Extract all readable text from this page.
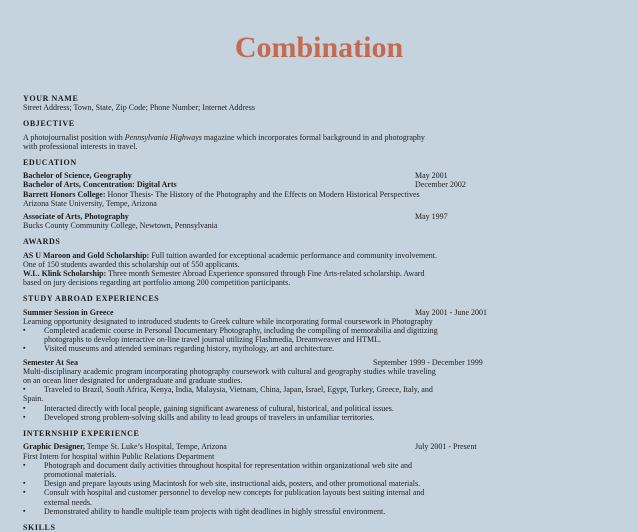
Combination

YOUR NAME

Street Address; Town, State, Zip Code; Phone Number; Internet Address

OBJECTIVE

A photojournalist position with Pennsylvania Highways magazine which incorporates formal background in and photography

with professional interests in travel.

EDUCATION

Bachelor of Science, Geography	May 2001
Bachelor of Arts, Concentration: Digital Arts	December 2002
Barrett Honors College: Honor Thesis- The History of the Photography and the Effects on Modern Historical Perspectives

Arizona State University, Tempe, Arizona

Associate of Arts, Photography	May 1997

Bucks County Community College, Newtown, Pennsylvania

AWARDS

AS U Maroon and Gold Scholarship: Full tuition awarded for exceptional academic performance and community involvement.

One of 150 students awarded this scholarship out of 550 applicants.

W.L. Klink Scholarship: Three month Semester Abroad Experience sponsored through Fine Arts-related scholarship. Award

based on jury decisions regarding art portfolio among 200 competition participants.

STUDY ABROAD EXPERIENCES

Summer Session in Greece	May 2001 - June 2001

Learning opportunity designated to introduced students to Greek culture while incorporating formal coursework in Photography

▪ Completed academic course in Personal Documentary Photography, including the compiling of memorabilia and digitizing
photographs to develop interactive on-line travel journal utilizing Flashmedia, Dreamweaver and HTML.
▪ Visited museums and attended seminars regarding history, mythology, art and architecture.
Semester At Sea	September 1999 - December 1999

Multi-disciplinary academic program incorporating photography coursework with cultural and geography studies while traveling

on an ocean liner designated for undergraduate and graduate studies.

▪ Traveled to Brazil, South Africa, Kenya, India, Malaysia, Vietnam, China, Japan, Israel, Egypt, Turkey, Greece, Italy, and

Spain.

▪ Interacted directly with local people, gaining significant awareness of cultural, historical, and political issues.
▪ Developed strong problem-solving skills and ability to lead groups of travelers in unfamiliar territories.

INTERNSHIP EXPERIENCE

Graphic Designer, Tempe St. Luke’s Hospital, Tempe, Arizona	July 2001 - Present

First Intern for hospital within Public Relations Department

▪ Photograph and document daily activities throughout hospital for representation within organizational web site and
promotional materials.
▪ Design and prepare layouts using Macintosh for web site, instructional aids, posters, and other promotional materials.
▪ Consult with hospital and customer personnel to develop new concepts for publication layouts best suiting internal and
external needs.
▪ Demonstrated ability to handle multiple team projects with tight deadlines in highly stressful environment.

SKILLS
